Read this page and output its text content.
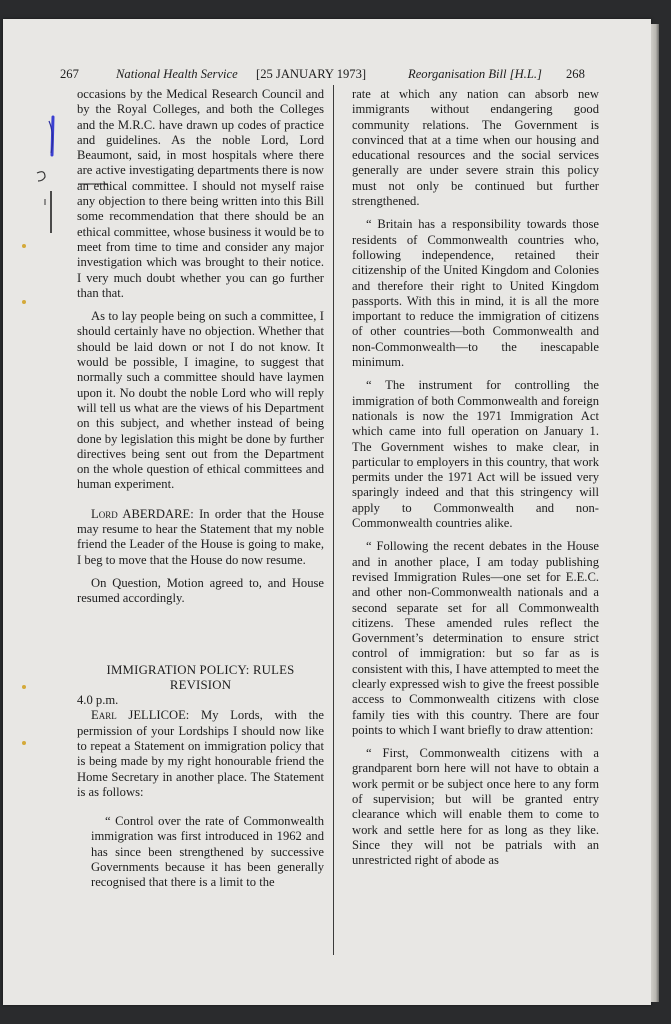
267	National Health Service [25 JANUARY 1973]	Reorganisation Bill [H.L.] 268

occasions by the Medical Research Council and by the Royal Colleges, and both the Colleges and the M.R.C. have drawn up codes of practice and guidelines. As the noble Lord, Lord Beaumont, said, in most hospitals where there are active investigating departments there is now an ethical committee. I should not myself raise any objection to there being written into this Bill some recommendation that there should be an ethical committee, whose business it would be to meet from time to time and consider any major investigation which was brought to their notice. I very much doubt whether you can go further than that.

As to lay people being on such a committee, I should certainly have no objection. Whether that should be laid down or not I do not know. It would be possible, I imagine, to suggest that normally such a committee should have laymen upon it. No doubt the noble Lord who will reply will tell us what are the views of his Department on this subject, and whether instead of being done by legislation this might be done by further directives being sent out from the Department on the whole question of ethical committees and human experiment.

Lord ABERDARE: In order that the House may resume to hear the Statement that my noble friend the Leader of the House is going to make, I beg to move that the House do now resume.

On Question, Motion agreed to, and House resumed accordingly.

IMMIGRATION POLICY: RULES REVISION

4.0 p.m.

Earl JELLICOE: My Lords, with the permission of your Lordships I should now like to repeat a Statement on immigration policy that is being made by my right honourable friend the Home Secretary in another place. The Statement is as follows:

“ Control over the rate of Commonwealth immigration was first introduced in 1962 and has since been strengthened by successive Governments because it has been generally recognised that there is a limit to the

rate at which any nation can absorb new immigrants without endangering good community relations. The Government is convinced that at a time when our housing and educational resources and the social services generally are under severe strain this policy must not only be continued but further strengthened.

“ Britain has a responsibility towards those residents of Commonwealth countries who, following independence, retained their citizenship of the United Kingdom and Colonies and therefore their right to United Kingdom passports. With this in mind, it is all the more important to reduce the immigration of citizens of other countries—both Commonwealth and non-Commonwealth—to the inescapable minimum.

“ The instrument for controlling the immigration of both Commonwealth and foreign nationals is now the 1971 Immigration Act which came into full operation on January 1. The Government wishes to make clear, in particular to employers in this country, that work permits under the 1971 Act will be issued very sparingly indeed and that this stringency will apply to Commonwealth and non-Commonwealth countries alike.

“ Following the recent debates in the House and in another place, I am today publishing revised Immigration Rules—one set for E.E.C. and other non-Commonwealth nationals and a second separate set for all Commonwealth citizens. These amended rules reflect the Government’s determination to ensure strict control of immigration: but so far as is consistent with this, I have attempted to meet the clearly expressed wish to give the freest possible access to Commonwealth citizens with close family ties with this country. There are four points to which I want briefly to draw attention:

“ First, Commonwealth citizens with a grandparent born here will not have to obtain a work permit or be subject once here to any form of supervision; but will be granted entry clearance which will enable them to come to work and settle here for as long as they like. Since they will not be patrials with an unrestricted right of abode as
